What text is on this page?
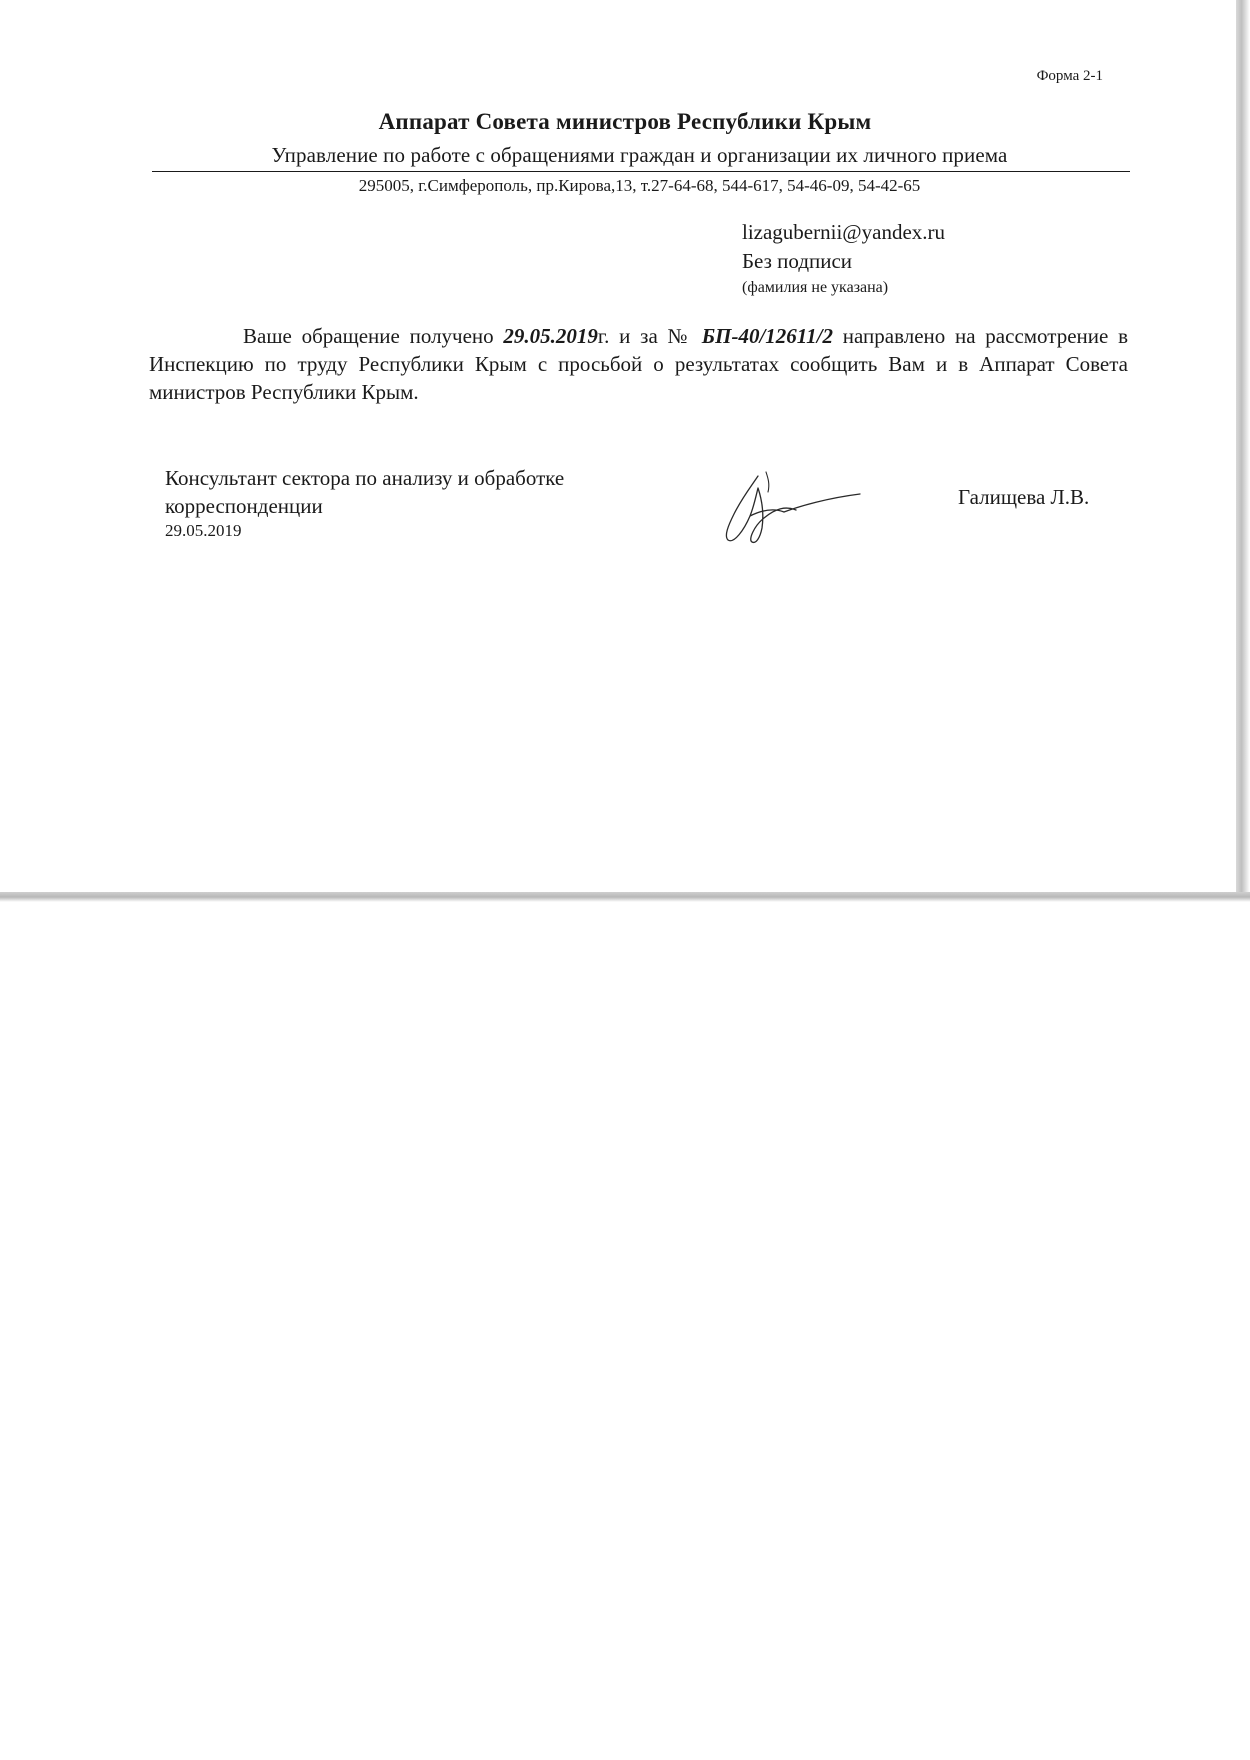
Форма 2-1
Аппарат Совета министров Республики Крым
Управление по работе с обращениями граждан и организации их личного приема
295005, г.Симферополь, пр.Кирова,13, т.27-64-68, 544-617, 54-46-09, 54-42-65
lizagubernii@yandex.ru
Без подписи
(фамилия не указана)
Ваше обращение получено 29.05.2019г. и за № БП-40/12611/2 направлено на рассмотрение в Инспекцию по труду Республики Крым с просьбой о результатах сообщить Вам и в Аппарат Совета министров Республики Крым.
Консультант сектора по анализу и обработке
корреспонденции
29.05.2019
Галищева Л.В.
